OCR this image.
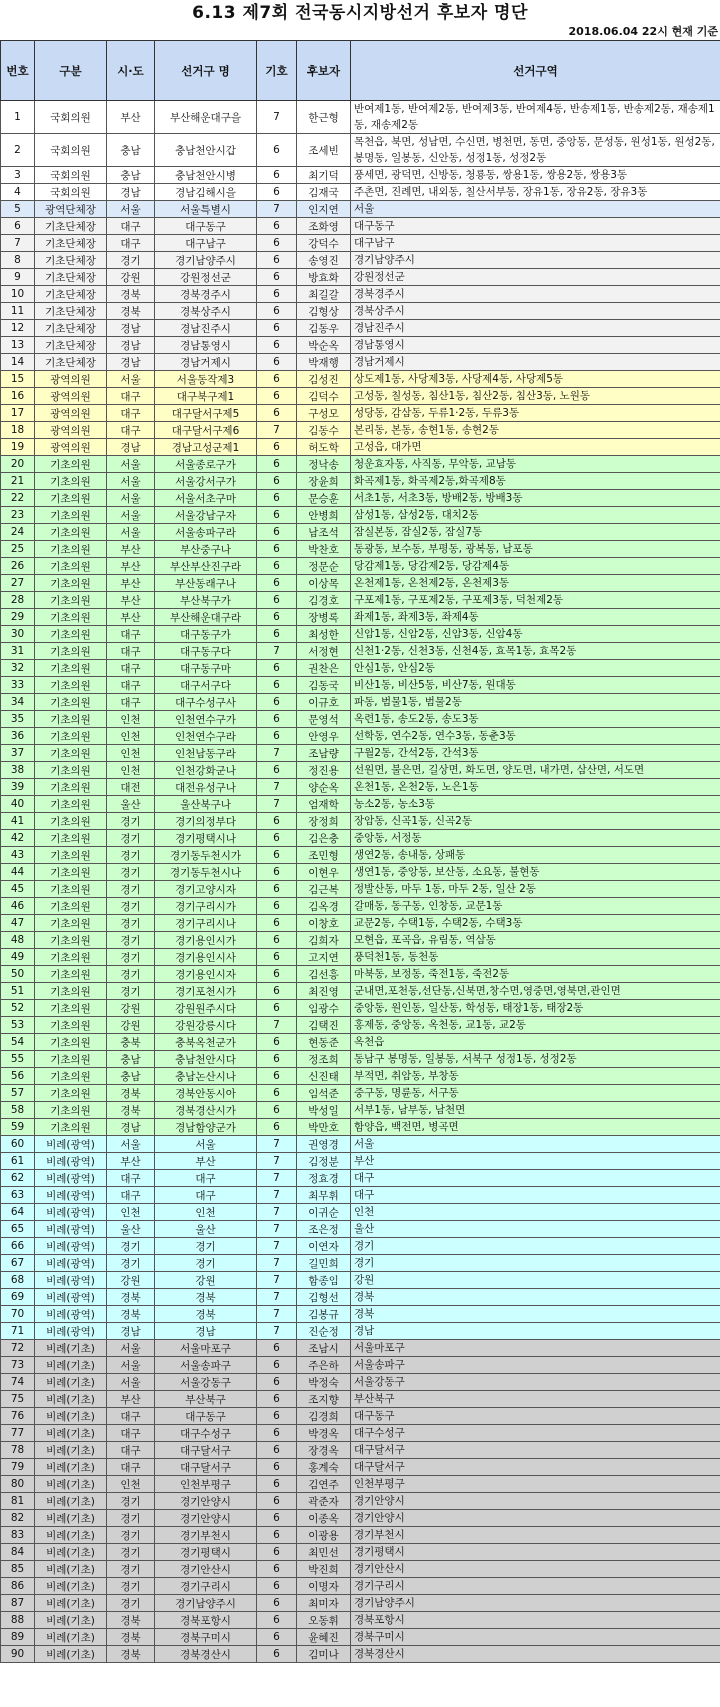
6.13 제7회 전국동시지방선거 후보자 명단
2018.06.04 22시 현재 기준
번호	구분	시·도	선거구 명	기호	후보자	선거구역
1	국회의원	부산	부산해운대구을	7	한근형	반여제1동, 반여제2동, 반여제3동, 반여제4동, 반송제1동, 반송제2동, 재송제1동, 재송제2동
2	국회의원	충남	충남천안시갑	6	조세빈	목천읍, 북면, 성남면, 수신면, 병천면, 동면, 중앙동, 문성동, 원성1동, 원성2동, 봉명동, 일봉동, 신안동, 성정1동, 성정2동
3	국회의원	충남	충남천안시병	6	최기덕	풍세면, 광덕면, 신방동, 청룡동, 쌍용1동, 쌍용2동, 쌍용3동
4	국회의원	경남	경남김해시을	6	김재국	주촌면, 진례면, 내외동, 칠산서부동, 장유1동, 장유2동, 장유3동
5	광역단체장	서울	서울특별시	7	인지연	서울
6	기초단체장	대구	대구동구	6	조화영	대구동구
7	기초단체장	대구	대구남구	6	강덕수	대구남구
8	기초단체장	경기	경기남양주시	6	송영진	경기남양주시
9	기초단체장	강원	강원정선군	6	방효화	강원정선군
10	기초단체장	경북	경북경주시	6	최길갈	경북경주시
11	기초단체장	경북	경북상주시	6	김형상	경북상주시
12	기초단체장	경남	경남진주시	6	김동우	경남진주시
13	기초단체장	경남	경남통영시	6	박순옥	경남통영시
14	기초단체장	경남	경남거제시	6	박재행	경남거제시
15	광역의원	서울	서울동작제3	6	김성진	상도제1동, 사당제3동, 사당제4동, 사당제5동
16	광역의원	대구	대구북구제1	6	김덕수	고성동, 칠성동, 침산1동, 침산2동, 침산3동, 노원동
17	광역의원	대구	대구달서구제5	6	구성모	성당동, 감삼동, 두류1·2동, 두류3동
18	광역의원	대구	대구달서구제6	7	김동수	본리동, 본동, 송현1동, 송현2동
19	광역의원	경남	경남고성군제1	6	허도학	고성읍, 대가면
20	기초의원	서울	서울종로구가	6	정낙송	청운효자동, 사직동, 무악동, 교남동
21	기초의원	서울	서울강서구가	6	장윤희	화곡제1동, 화곡제2동,화곡제8동
22	기초의원	서울	서울서초구마	6	문승훈	서초1동, 서초3동, 방배2동, 방배3동
23	기초의원	서울	서울강남구자	6	안병희	삼성1동, 삼성2동, 대치2동
24	기초의원	서울	서울송파구라	6	남조석	잠실본동, 잠실2동, 잠실7동
25	기초의원	부산	부산중구나	6	박찬호	동광동, 보수동, 부평동, 광복동, 남포동
26	기초의원	부산	부산부산진구라	6	정문순	당감제1동, 당감제2동, 당감제4동
27	기초의원	부산	부산동래구나	6	이상목	온천제1동, 온천제2동, 온천제3동
28	기초의원	부산	부산북구가	6	김경호	구포제1동, 구포제2동, 구포제3동, 덕천제2동
29	기초의원	부산	부산해운대구라	6	장병록	좌제1동, 좌제3동, 좌제4동
30	기초의원	대구	대구동구가	6	최성한	신암1동, 신암2동, 신암3동, 신암4동
31	기초의원	대구	대구동구다	7	서정현	신천1·2동, 신천3동, 신천4동, 효목1동, 효목2동
32	기초의원	대구	대구동구마	6	권찬은	안심1동, 안심2동
33	기초의원	대구	대구서구다	6	김동국	비산1동, 비산5동, 비산7동, 원대동
34	기초의원	대구	대구수성구사	6	이규호	파동, 범물1동, 범물2동
35	기초의원	인천	인천연수구가	6	문영석	옥련1동, 송도2동, 송도3동
36	기초의원	인천	인천연수구라	6	안영우	선학동, 연수2동, 연수3동, 동춘3동
37	기초의원	인천	인천남동구라	7	조남량	구월2동, 간석2동, 간석3동
38	기초의원	인천	인천강화군나	6	정진용	선원면, 불은면, 길상면, 화도면, 양도면, 내가면, 삼산면, 서도면
39	기초의원	대전	대전유성구나	7	양순옥	온천1동, 온천2동, 노은1동
40	기초의원	울산	울산북구나	7	엄재학	농소2동, 농소3동
41	기초의원	경기	경기의정부다	6	장정희	장암동, 신곡1동, 신곡2동
42	기초의원	경기	경기평택시나	6	김은충	중앙동, 서정동
43	기초의원	경기	경기동두천시가	6	조민형	생연2동, 송내동, 상패동
44	기초의원	경기	경기동두천시나	6	이현우	생연1동, 중앙동, 보산동, 소요동, 불현동
45	기초의원	경기	경기고양시자	6	김근복	정발산동, 마두 1동, 마두 2동, 일산 2동
46	기초의원	경기	경기구리시가	6	김옥경	갈매동, 동구동, 인창동, 교문1동
47	기초의원	경기	경기구리시나	6	이창호	교문2동, 수택1동, 수택2동, 수택3동
48	기초의원	경기	경기용인시가	6	김희자	모현읍, 포곡읍, 유림동, 역삼동
49	기초의원	경기	경기용인시사	6	고지연	풍덕천1동, 동천동
50	기초의원	경기	경기용인시자	6	김선흥	마북동, 보정동, 죽전1동, 죽전2동
51	기초의원	경기	경기포천시가	6	최진영	군내면,포천동,선단동,신북면,창수면,영중면,영북면,관인면
52	기초의원	강원	강원원주시다	6	임광수	중앙동, 원인동, 일산동, 학성동, 태장1동, 태장2동
53	기초의원	강원	강원강릉시다	7	김택진	홍제동, 중앙동, 옥천동, 교1동, 교2동
54	기초의원	충북	충북옥천군가	6	현동준	옥천읍
55	기초의원	충남	충남천안시다	6	정조희	동남구 봉명동, 일봉동, 서북구 성정1동, 성정2동
56	기초의원	충남	충남논산시나	6	신진태	부적면, 취암동, 부창동
57	기초의원	경북	경북안동시아	6	임석준	중구동, 명륜동, 서구동
58	기초의원	경북	경북경산시가	6	박성일	서부1동, 남부동, 남천면
59	기초의원	경남	경남함양군가	6	박만호	함양읍, 백전면, 병곡면
60	비례(광역)	서울	서울	7	권영경	서울
61	비례(광역)	부산	부산	7	김정분	부산
62	비례(광역)	대구	대구	7	정효경	대구
63	비례(광역)	대구	대구	7	최무휘	대구
64	비례(광역)	인천	인천	7	이귀순	인천
65	비례(광역)	울산	울산	7	조은정	울산
66	비례(광역)	경기	경기	7	이연자	경기
67	비례(광역)	경기	경기	7	길민희	경기
68	비례(광역)	강원	강원	7	함종임	강원
69	비례(광역)	경북	경북	7	김형선	경북
70	비례(광역)	경북	경북	7	김봉규	경북
71	비례(광역)	경남	경남	7	진순정	경남
72	비례(기초)	서울	서울마포구	6	조남시	서울마포구
73	비례(기초)	서울	서울송파구	6	주은하	서울송파구
74	비례(기초)	서울	서울강동구	6	박정숙	서울강동구
75	비례(기초)	부산	부산북구	6	조지향	부산북구
76	비례(기초)	대구	대구동구	6	김경희	대구동구
77	비례(기초)	대구	대구수성구	6	박경옥	대구수성구
78	비례(기초)	대구	대구달서구	6	장경옥	대구달서구
79	비례(기초)	대구	대구달서구	6	홍계숙	대구달서구
80	비례(기초)	인천	인천부평구	6	김연주	인천부평구
81	비례(기초)	경기	경기안양시	6	곽준자	경기안양시
82	비례(기초)	경기	경기안양시	6	이종옥	경기안양시
83	비례(기초)	경기	경기부천시	6	이광용	경기부천시
84	비례(기초)	경기	경기평택시	6	최민선	경기평택시
85	비례(기초)	경기	경기안산시	6	박진희	경기안산시
86	비례(기초)	경기	경기구리시	6	이명자	경기구리시
87	비례(기초)	경기	경기남양주시	6	최미자	경기남양주시
88	비례(기초)	경북	경북포항시	6	오동휘	경북포항시
89	비례(기초)	경북	경북구미시	6	윤혜진	경북구미시
90	비례(기초)	경북	경북경산시	6	김미나	경북경산시
